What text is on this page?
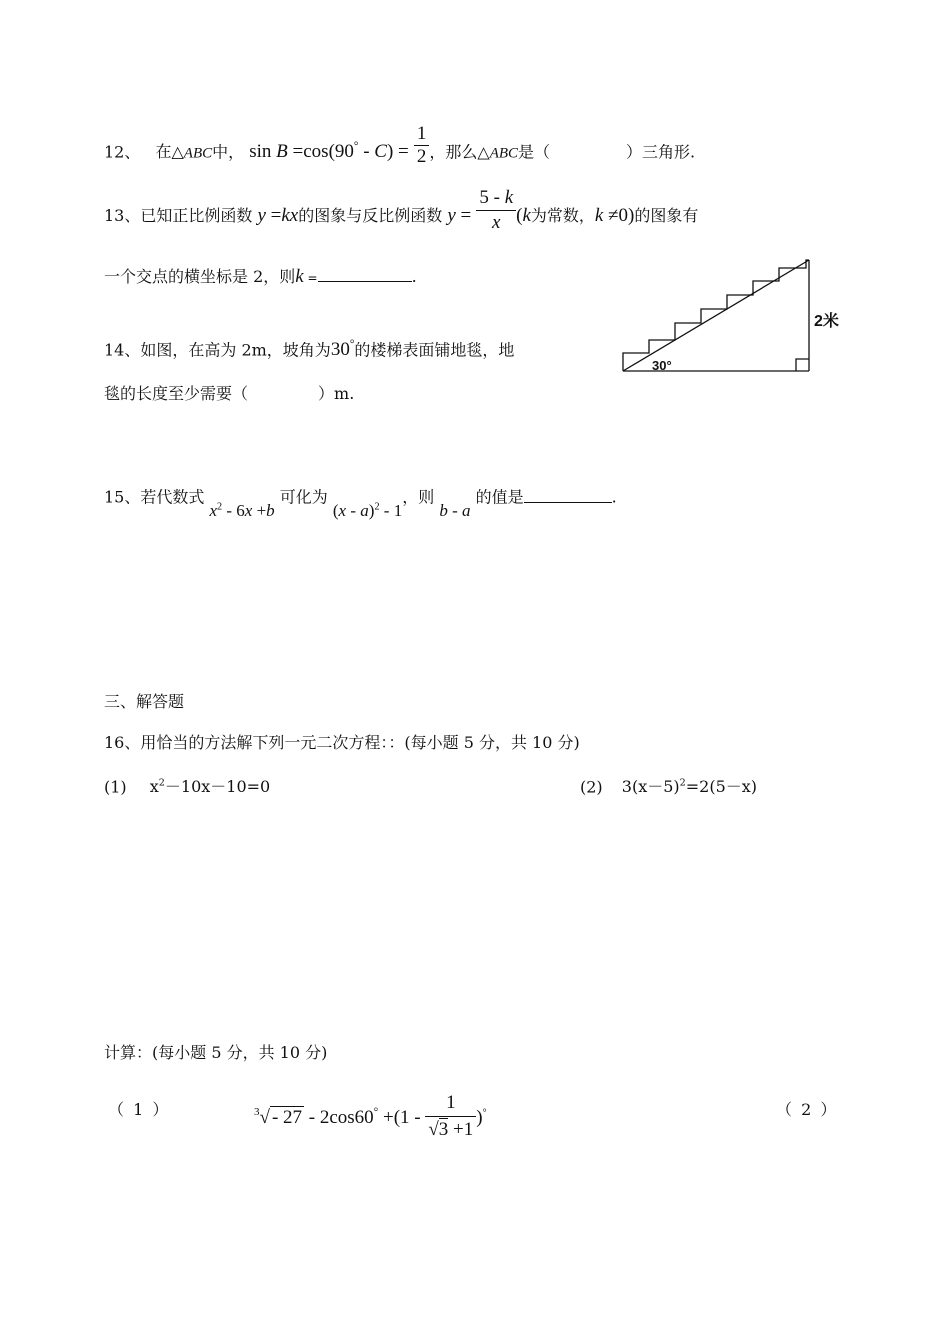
12、 在△ABC中， $\sin B =\cos(90^\circ - C) = \frac{1}{2}$ ，那么△ABC是（	）三角形.
13、已知正比例函数 y =kx的图象与反比例函数 $y = \frac{5 - k}{x} (k$为常数，k ≠0)的图象有
一个交点的横坐标是 2，则k =	.
14、如图，在高为 2m，坡角为30°的楼梯表面铺地毯，地
毯的长度至少需要（	）m.
2米
30°
15、若代数式 $x^2 - 6x +b$ 可化为 (x - a)$^2$ - 1，则 b - a 的值是	.
三、解答题
16、用恰当的方法解下列一元二次方程：：(每小题 5 分，共 10 分)
(1) $x^2-10x-10=0$	(2) $3(x-5)^2=2(5-x)$
计算：(每小题 5 分，共 10 分)
（ 1 ）	$^3√ - 27 - 2\cos 60^\circ +(1 - \frac{1}{√3 +1} )^\circ$	（ 2 ）
